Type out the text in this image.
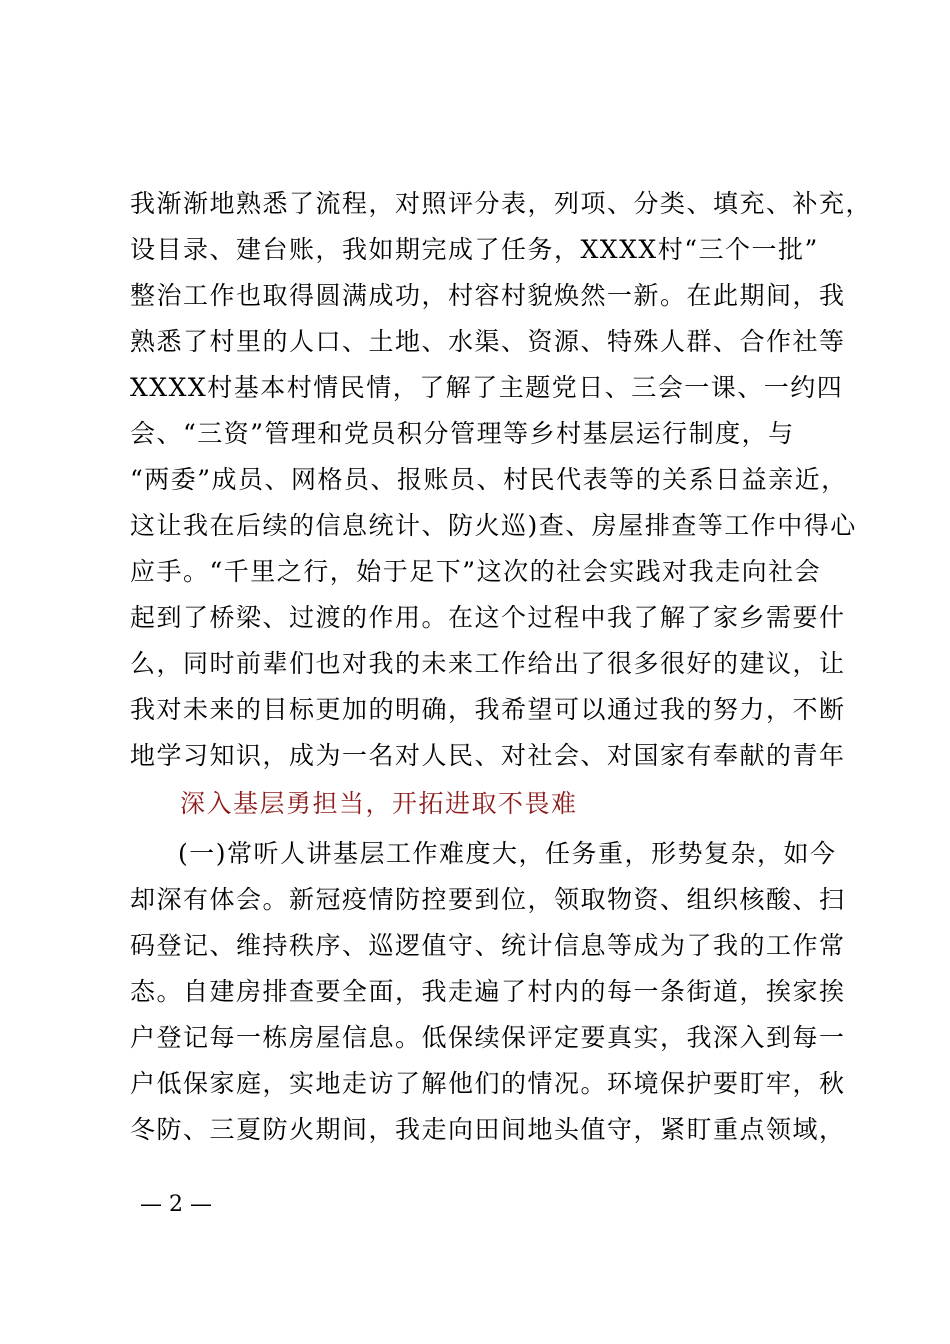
我渐渐地熟悉了流程，对照评分表，列项、分类、填充、补充，
设目录、建台账，我如期完成了任务，XXXX村“三个一批”
整治工作也取得圆满成功，村容村貌焕然一新。在此期间，我
熟悉了村里的人口、土地、水渠、资源、特殊人群、合作社等
XXXX村基本村情民情，了解了主题党日、三会一课、一约四
会、“三资”管理和党员积分管理等乡村基层运行制度，与
“两委”成员、网格员、报账员、村民代表等的关系日益亲近，
这让我在后续的信息统计、防火巡)查、房屋排查等工作中得心
应手。“千里之行，始于足下”这次的社会实践对我走向社会
起到了桥梁、过渡的作用。在这个过程中我了解了家乡需要什
么，同时前辈们也对我的未来工作给出了很多很好的建议，让
我对未来的目标更加的明确，我希望可以通过我的努力，不断
地学习知识，成为一名对人民、对社会、对国家有奉献的青年
深入基层勇担当，开拓进取不畏难
(一)常听人讲基层工作难度大，任务重，形势复杂，如今
却深有体会。新冠疫情防控要到位，领取物资、组织核酸、扫
码登记、维持秩序、巡逻值守、统计信息等成为了我的工作常
态。自建房排查要全面，我走遍了村内的每一条街道，挨家挨
户登记每一栋房屋信息。低保续保评定要真实，我深入到每一
户低保家庭，实地走访了解他们的情况。环境保护要盯牢，秋
冬防、三夏防火期间，我走向田间地头值守，紧盯重点领域，
— 2 —
